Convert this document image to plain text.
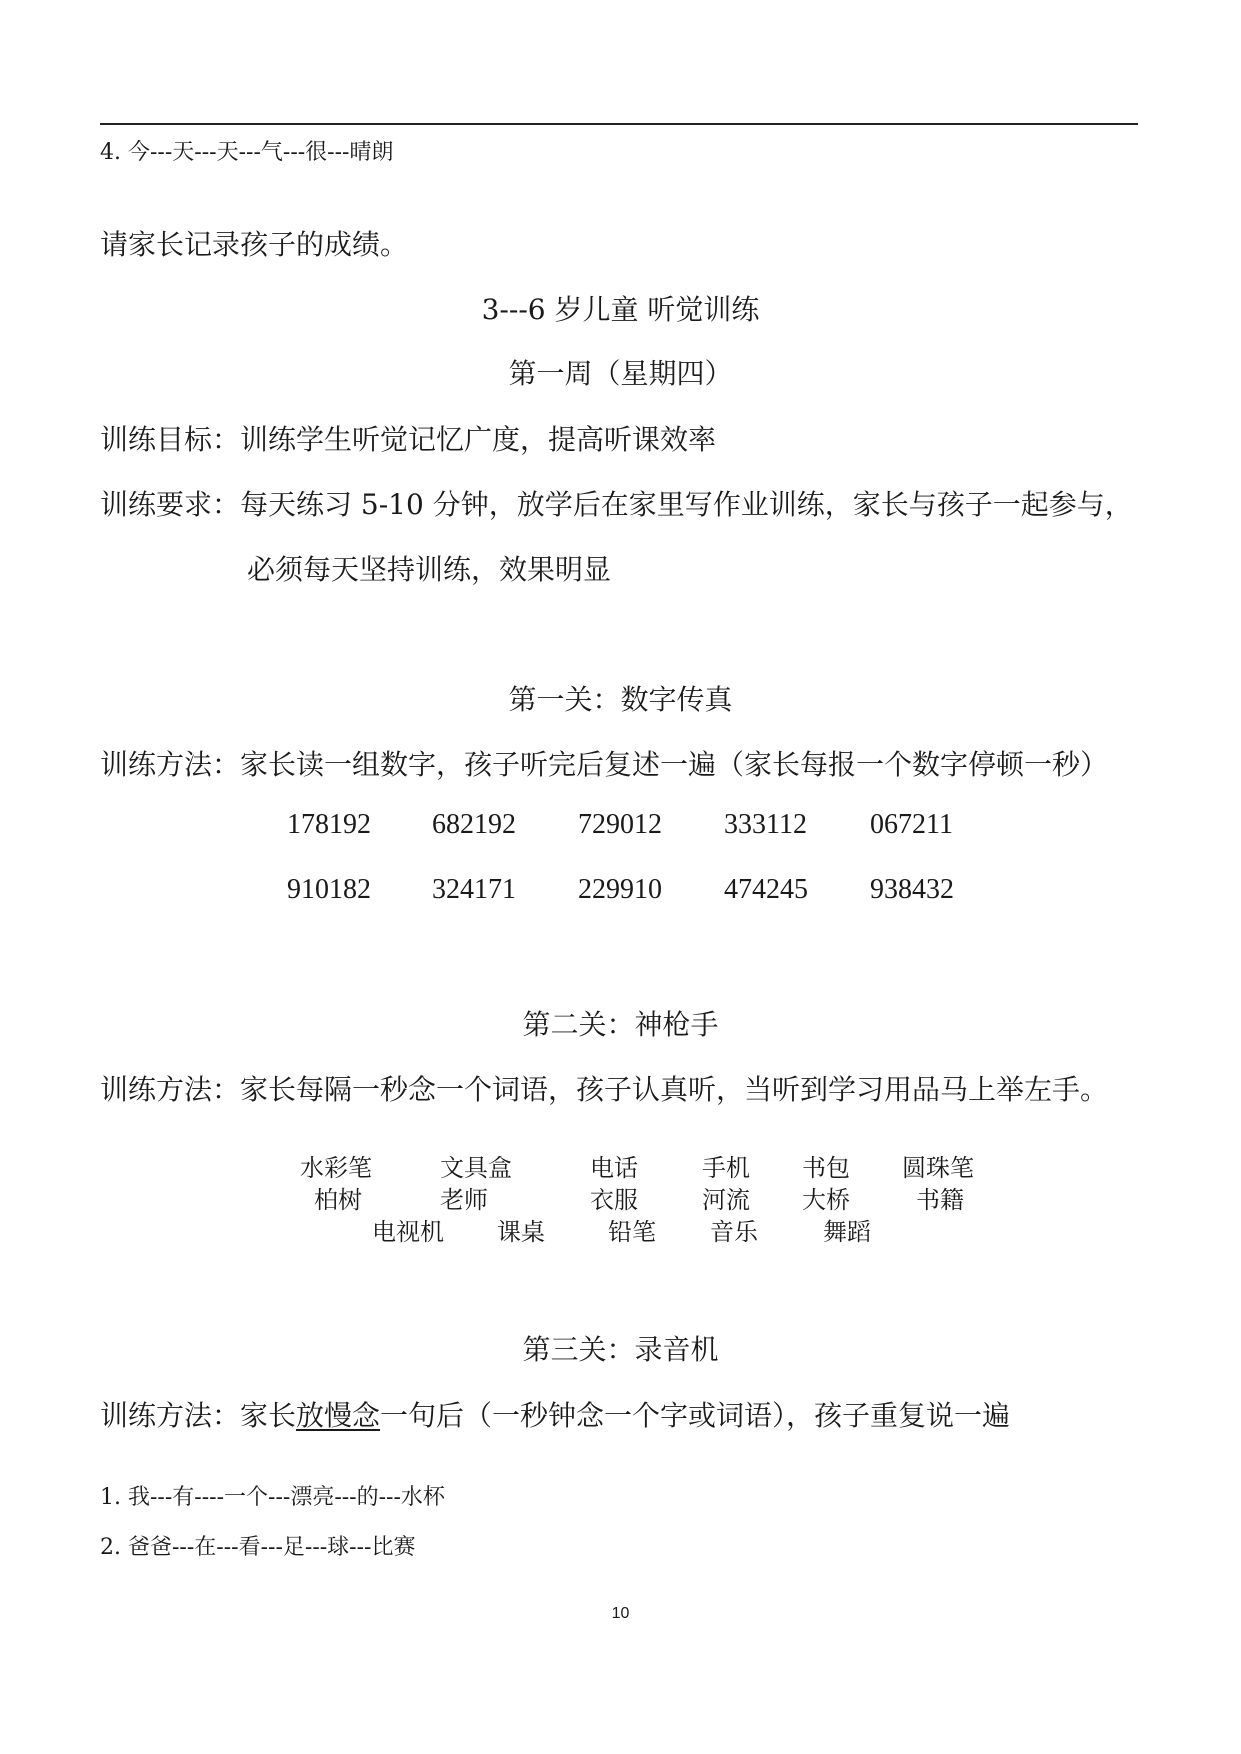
4. 今---天---天---气---很---晴朗
请家长记录孩子的成绩。
3---6 岁儿童 听觉训练
第一周（星期四）
训练目标：训练学生听觉记忆广度，提高听课效率
训练要求：每天练习 5-10 分钟，放学后在家里写作业训练，家长与孩子一起参与，
必须每天坚持训练，效果明显
第一关：数字传真
训练方法：家长读一组数字，孩子听完后复述一遍（家长每报一个数字停顿一秒）
178192 682192 729012 333112 067211
910182 324171 229910 474245 938432
第二关：神枪手
训练方法：家长每隔一秒念一个词语，孩子认真听，当听到学习用品马上举左手。
水彩笔	文具盒	电话	手机 书包 圆珠笔
柏树	老师	衣服	河流 大桥	书籍
电视机 课桌	铅笔 音乐	舞蹈
第三关：录音机
训练方法：家长放慢念一句后（一秒钟念一个字或词语），孩子重复说一遍
1. 我---有----一个---漂亮---的---水杯
2. 爸爸---在---看---足---球---比赛
10
